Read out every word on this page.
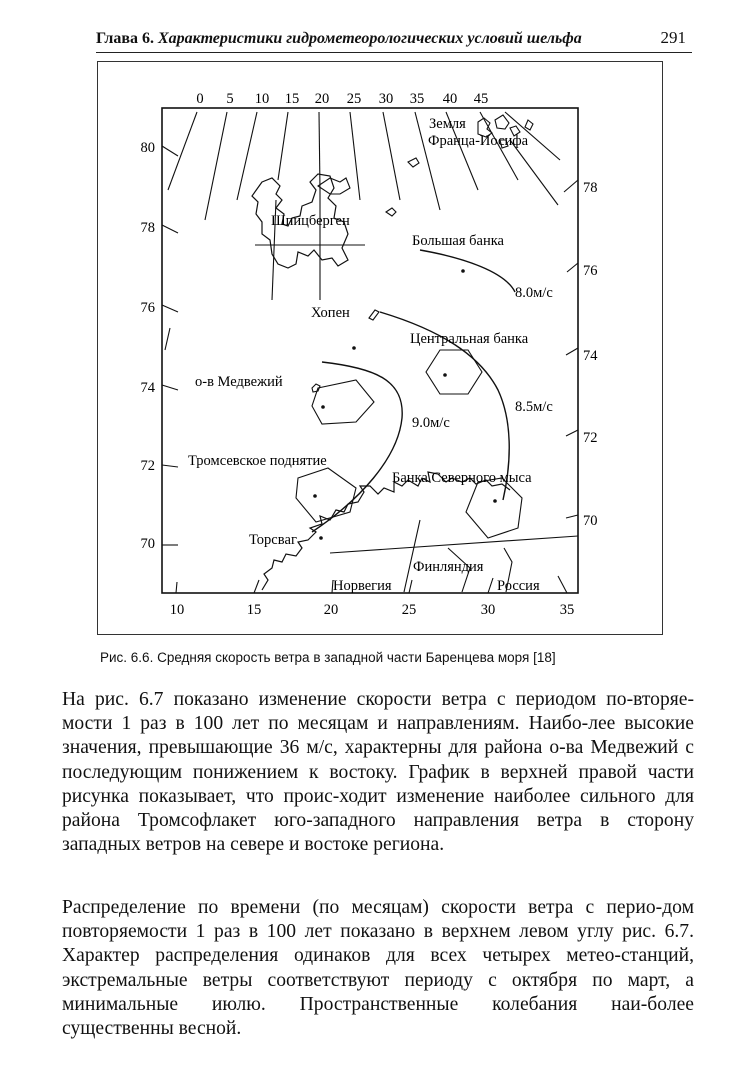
Глава 6. Характеристики гидрометеорологических условий шельфа	291
0 5 10 15 20 25 30 35 40 45
80
78
76
74
72
70
78
76
74
72
70
10	15	20	25	30	35
Земля
Франца-Иосифа
Шпицберген
Большая банка
8.0м/с
Хопен
Центральная банка
о-в Медвежий
8.5м/с
9.0м/с
Тромсевское поднятие
Банка Северного мыса
Торсвaг
Финляндия
Норвегия	Россия
Рис. 6.6. Средняя скорость ветра в западной части Баренцева моря [18]

На рис. 6.7 показано изменение скорости ветра с периодом по-вторяе-мости 1 раз в 100 лет по месяцам и направлениям. Наибо-лее высокие значения, превышающие 36 м/с, характерны для района о-ва Медвежий с последующим понижением к востоку. График в верхней правой части рисунка показывает, что проис-ходит изменение наиболее сильного для района Тромсофлакет юго-западного направления ветра в сторону западных ветров на севере и востоке региона.

Распределение по времени (по месяцам) скорости ветра с перио-дом повторяемости 1 раз в 100 лет показано в верхнем левом углу рис. 6.7. Характер распределения одинаков для всех четырех метео-станций, экстремальные ветры соответствуют периоду с октября по март, а минимальные июлю. Пространственные колебания наи-более существенны весной.
